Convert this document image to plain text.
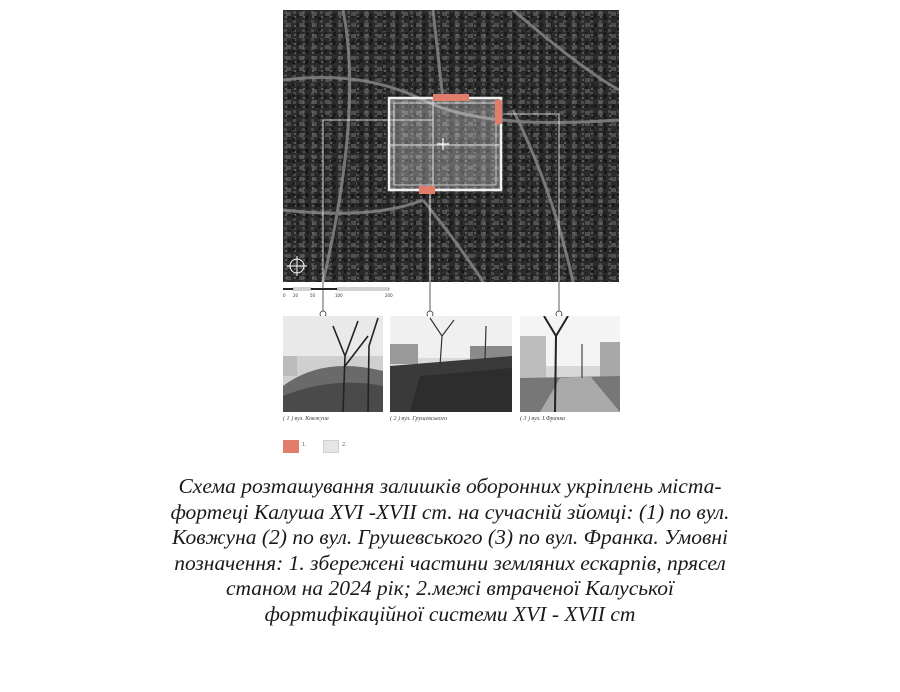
0 20	50	100	200
( 1 ) вул. Ковжуна	( 2 ) вул. Грушевського	( 3 ) вул. І.Франка
1.	2.
Схема розташування залишків оборонних укріплень міста-
фортеці Калуша XVI -XVII ст. на сучасній зйомці: (1) по вул.
Ковжуна (2) по вул. Грушевського (3) по вул. Франка. Умовні
позначення: 1. збережені частини земляних ескарпів, прясел
станом на 2024 рік; 2.межі втраченої Калуської
фортифікаційної системи XVI - XVII ст
